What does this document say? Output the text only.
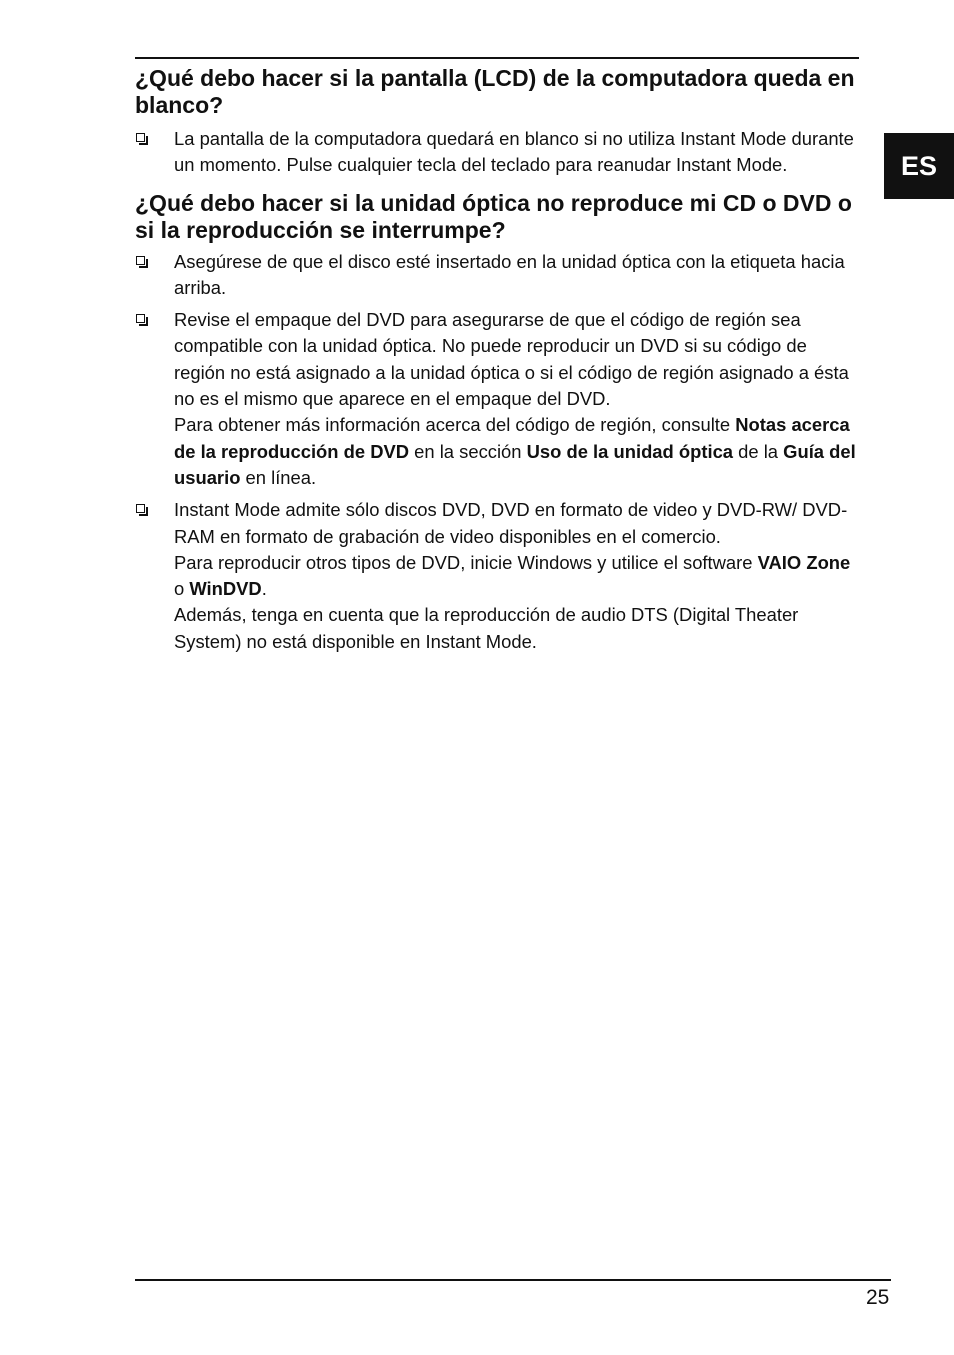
ES
¿Qué debo hacer si la pantalla (LCD) de la computadora queda en blanco?
La pantalla de la computadora quedará en blanco si no utiliza Instant Mode durante un momento. Pulse cualquier tecla del teclado para reanudar Instant Mode.
¿Qué debo hacer si la unidad óptica no reproduce mi CD o DVD o si la reproducción se interrumpe?
Asegúrese de que el disco esté insertado en la unidad óptica con la etiqueta hacia arriba.
Revise el empaque del DVD para asegurarse de que el código de región sea compatible con la unidad óptica. No puede reproducir un DVD si su código de región no está asignado a la unidad óptica o si el código de región asignado a ésta no es el mismo que aparece en el empaque del DVD.
Para obtener más información acerca del código de región, consulte Notas acerca de la reproducción de DVD en la sección Uso de la unidad óptica de la Guía del usuario en línea.
Instant Mode admite sólo discos DVD, DVD en formato de video y DVD-RW/ DVD-RAM en formato de grabación de video disponibles en el comercio.
Para reproducir otros tipos de DVD, inicie Windows y utilice el software VAIO Zone o WinDVD.
Además, tenga en cuenta que la reproducción de audio DTS (Digital Theater System) no está disponible en Instant Mode.
25
